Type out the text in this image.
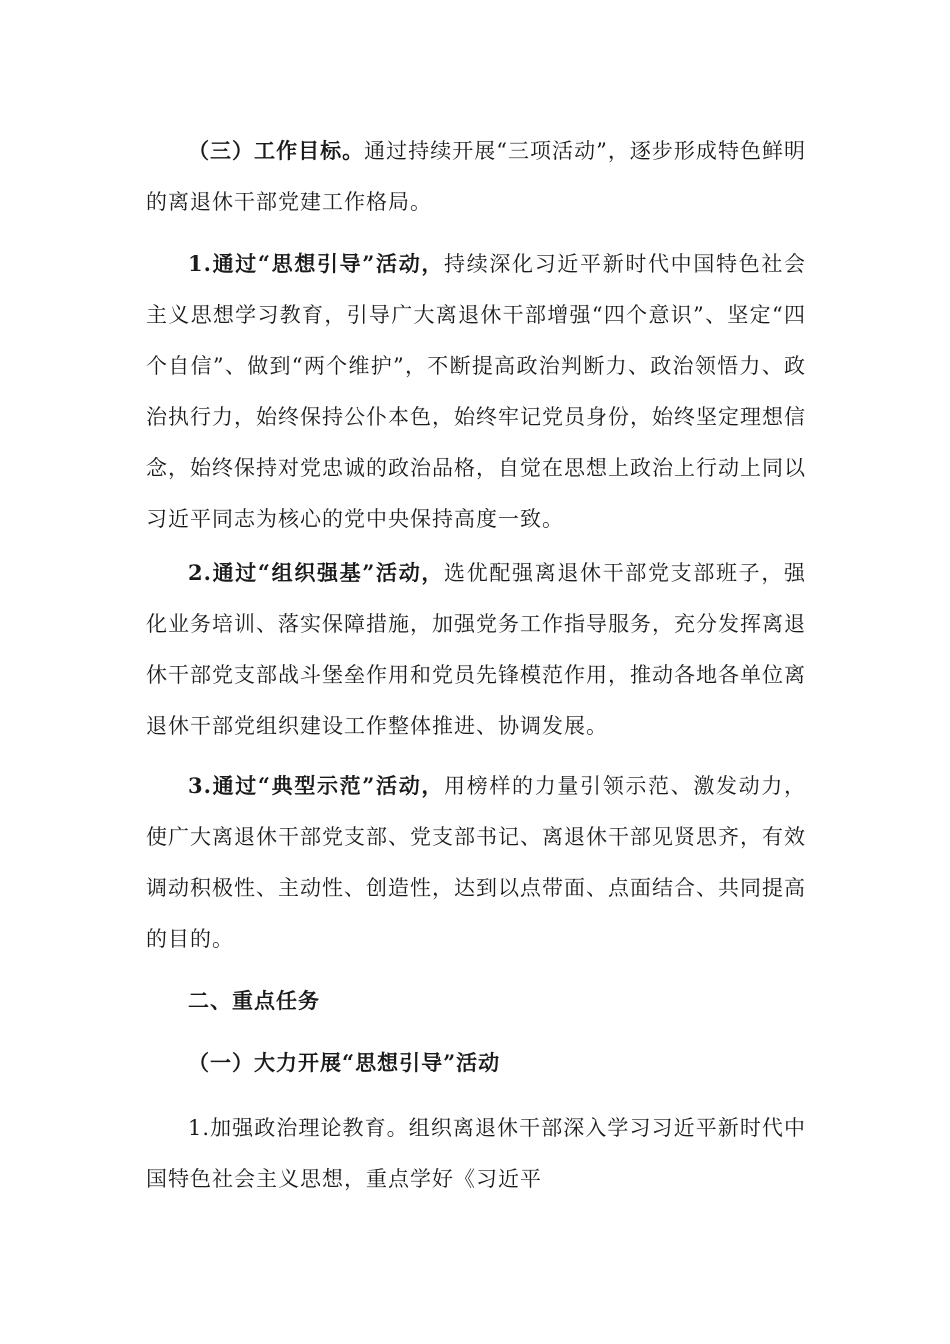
（三）工作目标。通过持续开展“三项活动”，逐步形成特色鲜明的离退休干部党建工作格局。

1.通过“思想引导”活动，持续深化习近平新时代中国特色社会主义思想学习教育，引导广大离退休干部增强“四个意识”、坚定“四个自信”、做到“两个维护”，不断提高政治判断力、政治领悟力、政治执行力，始终保持公仆本色，始终牢记党员身份，始终坚定理想信念，始终保持对党忠诚的政治品格，自觉在思想上政治上行动上同以习近平同志为核心的党中央保持高度一致。

2.通过“组织强基”活动，选优配强离退休干部党支部班子，强化业务培训、落实保障措施，加强党务工作指导服务，充分发挥离退休干部党支部战斗堡垒作用和党员先锋模范作用，推动各地各单位离退休干部党组织建设工作整体推进、协调发展。

3.通过“典型示范”活动，用榜样的力量引领示范、激发动力，使广大离退休干部党支部、党支部书记、离退休干部见贤思齐，有效调动积极性、主动性、创造性，达到以点带面、点面结合、共同提高的目的。

二、重点任务
（一）大力开展“思想引导”活动

1.加强政治理论教育。组织离退休干部深入学习习近平新时代中国特色社会主义思想，重点学好《习近平
